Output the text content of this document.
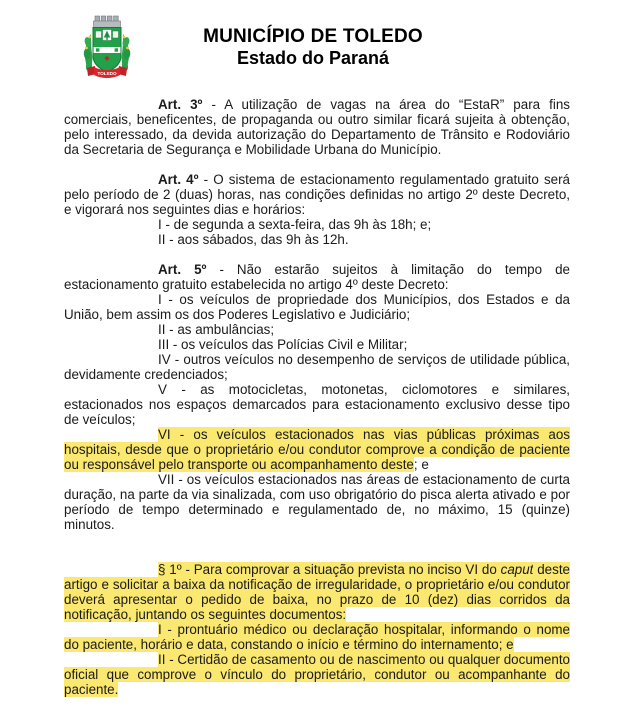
TOLEDO
MUNICÍPIO DE TOLEDO
Estado do Paraná

Art. 3º - A utilização de vagas na área do “EstaR” para fins comerciais, beneficentes, de propaganda ou outro similar ficará sujeita à obtenção, pelo interessado, da devida autorização do Departamento de Trânsito e Rodoviário da Secretaria de Segurança e Mobilidade Urbana do Município.

Art. 4º - O sistema de estacionamento regulamentado gratuito será pelo período de 2 (duas) horas, nas condições definidas no artigo 2º deste Decreto, e vigorará nos seguintes dias e horários:

I - de segunda a sexta-feira, das 9h às 18h; e;

II - aos sábados, das 9h às 12h.

Art. 5º - Não estarão sujeitos à limitação do tempo de estacionamento gratuito estabelecida no artigo 4º deste Decreto:

I - os veículos de propriedade dos Municípios, dos Estados e da União, bem assim os dos Poderes Legislativo e Judiciário;

II - as ambulâncias;

III - os veículos das Polícias Civil e Militar;

IV - outros veículos no desempenho de serviços de utilidade pública, devidamente credenciados;

V - as motocicletas, motonetas, ciclomotores e similares, estacionados nos espaços demarcados para estacionamento exclusivo desse tipo de veículos;

VI - os veículos estacionados nas vias públicas próximas aos hospitais, desde que o proprietário e/ou condutor comprove a condição de paciente ou responsável pelo transporte ou acompanhamento deste; e

VII - os veículos estacionados nas áreas de estacionamento de curta duração, na parte da via sinalizada, com uso obrigatório do pisca alerta ativado e por período de tempo determinado e regulamentado de, no máximo, 15 (quinze) minutos.

§ 1º - Para comprovar a situação prevista no inciso VI do caput deste artigo e solicitar a baixa da notificação de irregularidade, o proprietário e/ou condutor deverá apresentar o pedido de baixa, no prazo de 10 (dez) dias corridos da notificação, juntando os seguintes documentos:

I - prontuário médico ou declaração hospitalar, informando o nome do paciente, horário e data, constando o início e término do internamento; e

II - Certidão de casamento ou de nascimento ou qualquer documento oficial que comprove o vínculo do proprietário, condutor ou acompanhante do paciente.
